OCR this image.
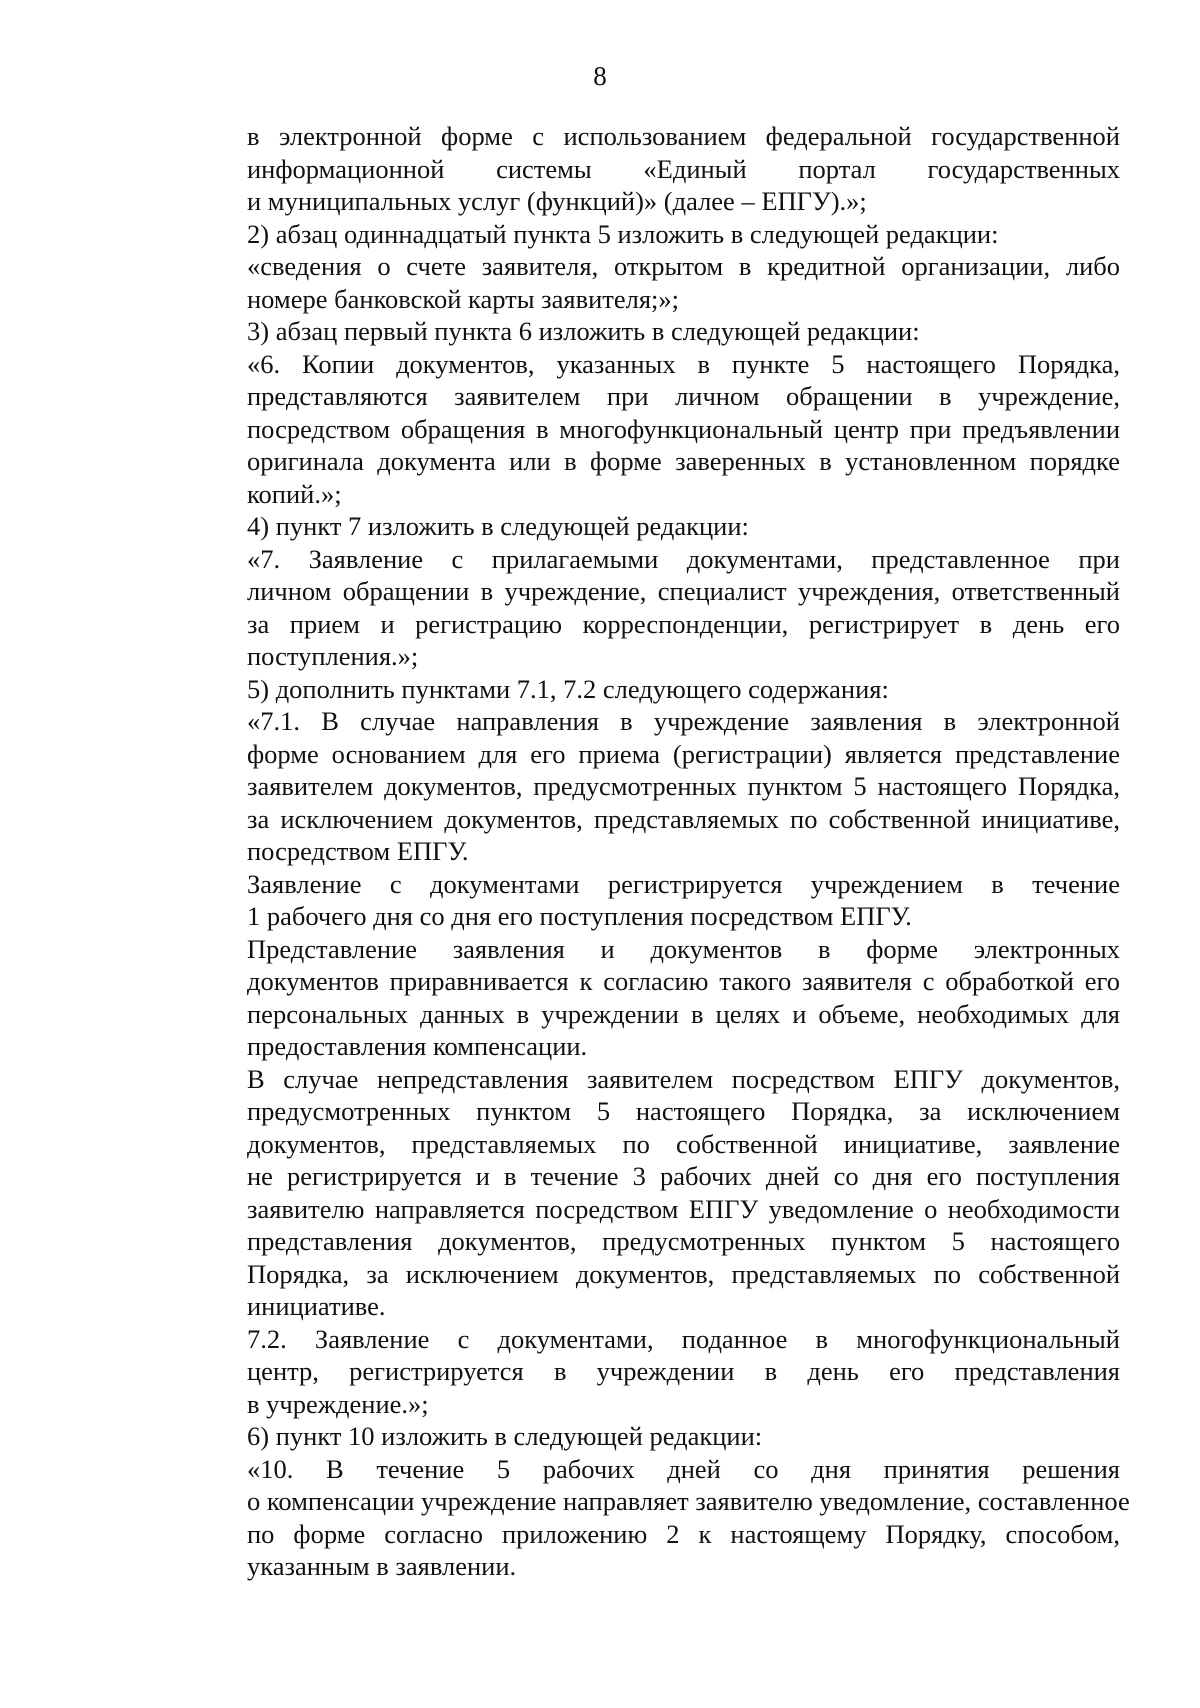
8

в электронной форме с использованием федеральной государственной
информационной системы «Единый портал государственных
и муниципальных услуг (функций)» (далее – ЕПГУ).»;

2) абзац одиннадцатый пункта 5 изложить в следующей редакции:

«сведения о счете заявителя, открытом в кредитной организации, либо
номере банковской карты заявителя;»;

3) абзац первый пункта 6 изложить в следующей редакции:

«6. Копии документов, указанных в пункте 5 настоящего Порядка,
представляются заявителем при личном обращении в учреждение,
посредством обращения в многофункциональный центр при предъявлении
оригинала документа или в форме заверенных в установленном порядке
копий.»;

4) пункт 7 изложить в следующей редакции:

«7. Заявление с прилагаемыми документами, представленное при
личном обращении в учреждение, специалист учреждения, ответственный
за прием и регистрацию корреспонденции, регистрирует в день его
поступления.»;

5) дополнить пунктами 7.1, 7.2 следующего содержания:

«7.1. В случае направления в учреждение заявления в электронной
форме основанием для его приема (регистрации) является представление
заявителем документов, предусмотренных пунктом 5 настоящего Порядка,
за исключением документов, представляемых по собственной инициативе,
посредством ЕПГУ.

Заявление с документами регистрируется учреждением в течение
1 рабочего дня со дня его поступления посредством ЕПГУ.

Представление заявления и документов в форме электронных
документов приравнивается к согласию такого заявителя с обработкой его
персональных данных в учреждении в целях и объеме, необходимых для
предоставления компенсации.

В случае непредставления заявителем посредством ЕПГУ документов,
предусмотренных пунктом 5 настоящего Порядка, за исключением
документов, представляемых по собственной инициативе, заявление
не регистрируется и в течение 3 рабочих дней со дня его поступления
заявителю направляется посредством ЕПГУ уведомление о необходимости
представления документов, предусмотренных пунктом 5 настоящего
Порядка, за исключением документов, представляемых по собственной
инициативе.

7.2. Заявление с документами, поданное в многофункциональный
центр, регистрируется в учреждении в день его представления
в учреждение.»;

6) пункт 10 изложить в следующей редакции:

«10. В течение 5 рабочих дней со дня принятия решения
о компенсации учреждение направляет заявителю уведомление, составленное
по форме согласно приложению 2 к настоящему Порядку, способом,
указанным в заявлении.
